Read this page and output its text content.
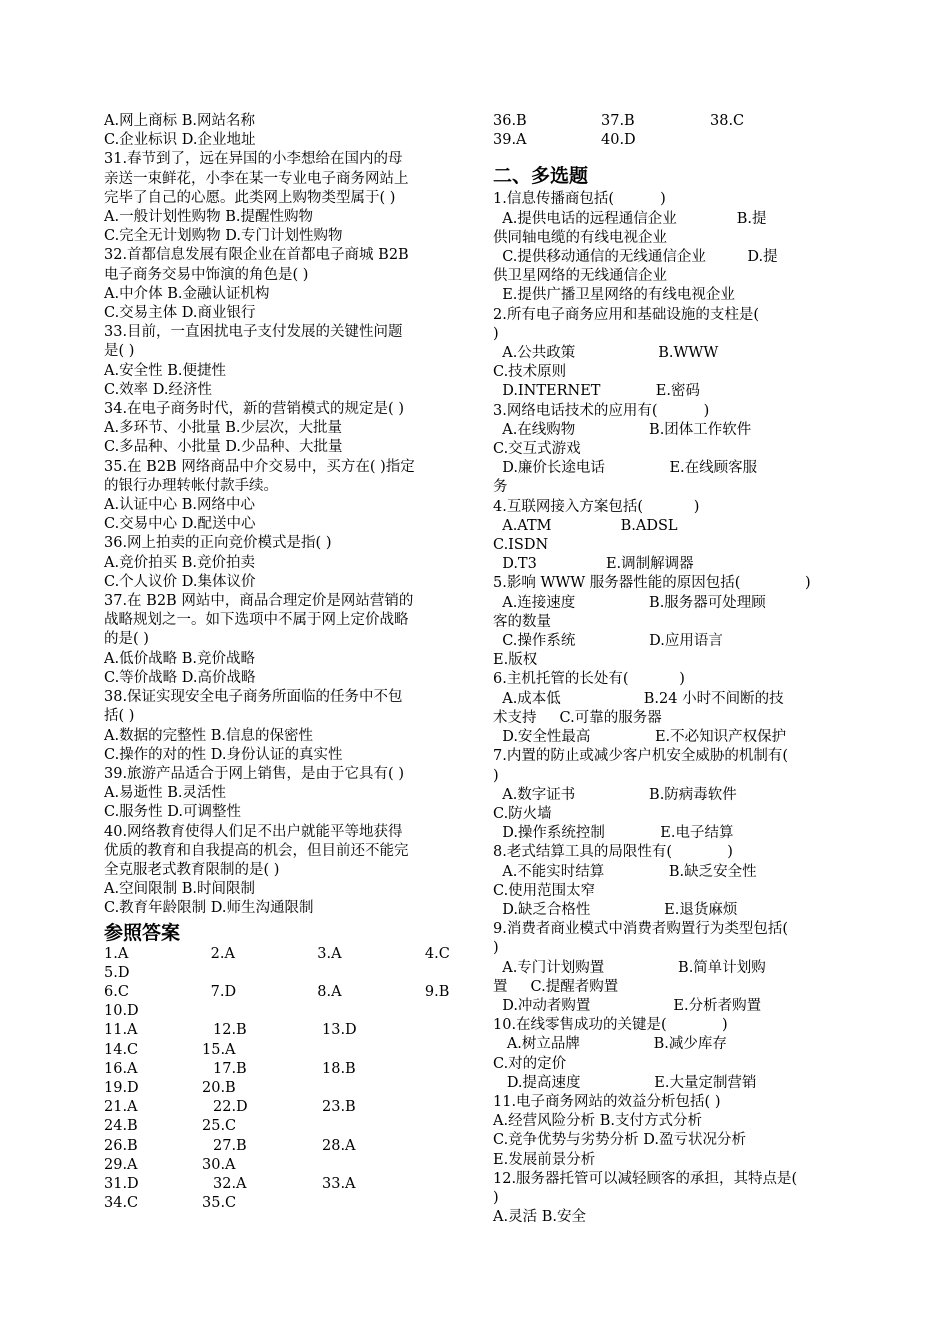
A.网上商标 B.网站名称
C.企业标识 D.企业地址
31.春节到了，远在异国的小李想给在国内的母
亲送一束鲜花，小李在某一专业电子商务网站上
完毕了自己的心愿。此类网上购物类型属于( )
A.一般计划性购物 B.提醒性购物
C.完全无计划购物 D.专门计划性购物
32.首都信息发展有限企业在首都电子商城 B2B
电子商务交易中饰演的角色是( )
A.中介体 B.金融认证机构
C.交易主体 D.商业银行
33.目前，一直困扰电子支付发展的关键性问题
是( )
A.安全性 B.便捷性
C.效率 D.经济性
34.在电子商务时代，新的营销模式的规定是( )
A.多环节、小批量 B.少层次，大批量
C.多品种、小批量 D.少品种、大批量
35.在 B2B 网络商品中介交易中，买方在( )指定
的银行办理转帐付款手续。
A.认证中心 B.网络中心
C.交易中心 D.配送中心
36.网上拍卖的正向竞价模式是指( )
A.竞价拍买 B.竞价拍卖
C.个人议价 D.集体议价
37.在 B2B 网站中，商品合理定价是网站营销的
战略规划之一。如下选项中不属于网上定价战略
的是( )
A.低价战略 B.竞价战略
C.等价战略 D.高价战略
38.保证实现安全电子商务所面临的任务中不包
括( )
A.数据的完整性 B.信息的保密性
C.操作的对的性 D.身份认证的真实性
39.旅游产品适合于网上销售，是由于它具有( )
A.易逝性 B.灵活性
C.服务性 D.可调整性
40.网络教育使得人们足不出户就能平等地获得
优质的教育和自我提高的机会，但目前还不能完
全克服老式教育限制的是( )
A.空间限制 B.时间限制
C.教育年龄限制 D.师生沟通限制
参照答案
1.A	2.A	3.A	4.C
5.D
6.C	7.D	8.A	9.B
10.D
11.A	12.B	13.D
14.C	15.A
16.A	17.B	18.B
19.D	20.B
21.A	22.D	23.B
24.B	25.C
26.B	27.B	28.A
29.A	30.A
31.D	32.A	33.A
34.C	35.C
36.B	37.B	38.C
39.A	40.D
二、多选题
1.信息传播商包括(          )
A.提供电话的远程通信企业             B.提
供同轴电缆的有线电视企业
C.提供移动通信的无线通信企业         D.提
供卫星网络的无线通信企业
E.提供广播卫星网络的有线电视企业
2.所有电子商务应用和基础设施的支柱是(
)
A.公共政策                  B.WWW
C.技术原则
D.INTERNET            E.密码
3.网络电话技术的应用有(          )
A.在线购物                B.团体工作软件
C.交互式游戏
D.廉价长途电话              E.在线顾客服
务
4.互联网接入方案包括(           )
A.ATM               B.ADSL
C.ISDN
D.T3               E.调制解调器
5.影响 WWW 服务器性能的原因包括(              )
A.连接速度                B.服务器可处理顾
客的数量
C.操作系统                D.应用语言
E.版权
6.主机托管的长处有(           )
A.成本低                  B.24 小时不间断的技
术支持     C.可靠的服务器
D.安全性最高              E.不必知识产权保护
7.内置的防止或减少客户机安全威胁的机制有(
)
A.数字证书                B.防病毒软件
C.防火墙
D.操作系统控制            E.电子结算
8.老式结算工具的局限性有(            )
A.不能实时结算              B.缺乏安全性
C.使用范围太窄
D.缺乏合格性                E.退货麻烦
9.消费者商业模式中消费者购置行为类型包括(
)
A.专门计划购置                B.简单计划购
置     C.提醒者购置
D.冲动者购置                  E.分析者购置
10.在线零售成功的关键是(            )
A.树立品牌                B.减少库存
C.对的定价
D.提高速度                E.大量定制营销
11.电子商务网站的效益分析包括( )
A.经营风险分析 B.支付方式分析
C.竞争优势与劣势分析 D.盈亏状况分析
E.发展前景分析
12.服务器托管可以减轻顾客的承担，其特点是(
)
A.灵活 B.安全
